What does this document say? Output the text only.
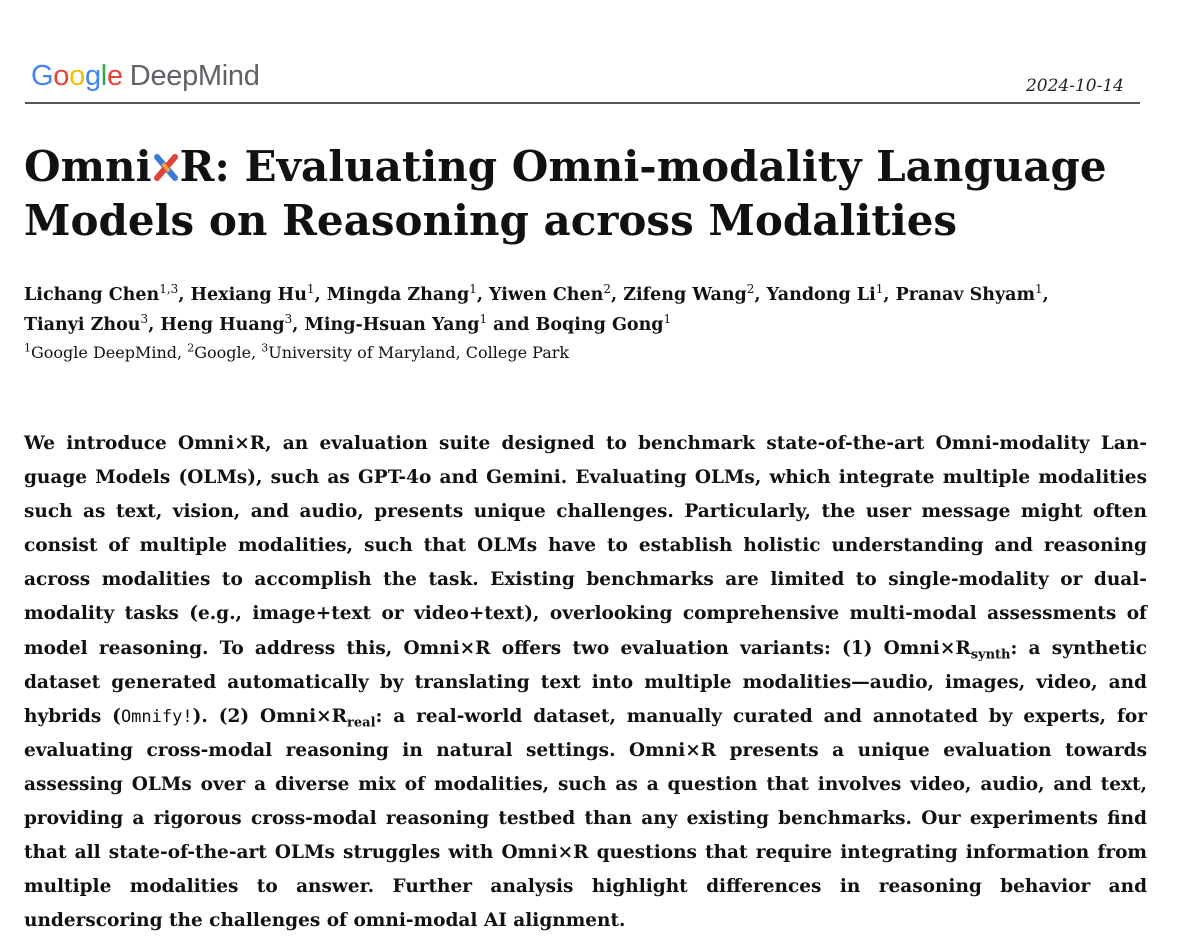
Google DeepMind	2024-10-14
Omni R: Evaluating Omni-modality Language Models on Reasoning across Modalities
Lichang Chen$^{1,3}$, Hexiang Hu$^1$, Mingda Zhang$^1$, Yiwen Chen$^2$, Zifeng Wang$^2$, Yandong Li$^1$, Pranav Shyam$^1$,
Tianyi Zhou$^3$, Heng Huang$^3$, Ming-Hsuan Yang$^1$ and Boqing Gong$^1$
$^1$Google DeepMind, $^2$Google, $^3$University of Maryland, College Park

We introduce Omni×R, an evaluation suite designed to benchmark state-of-the-art Omni-modality Language Models (OLMs), such as GPT-4o and Gemini. Evaluating OLMs, which integrate multiple modalities such as text, vision, and audio, presents unique challenges. Particularly, the user message might often consist of multiple modalities, such that OLMs have to establish holistic understanding and reasoning across modalities to accomplish the task. Existing benchmarks are limited to single-modality or dual-modality tasks (e.g., image+text or video+text), overlooking comprehensive multi-modal assessments of model reasoning. To address this, Omni×R offers two evaluation variants: (1) $Omni\times R_{synth}$: a synthetic dataset generated automatically by translating text into multiple modalities—audio, images, video, and hybrids (Omnify!). (2) $Omni\times R_{real}$: a real-world dataset, manually curated and annotated by experts, for evaluating cross-modal reasoning in natural settings. Omni×R presents a unique evaluation towards assessing OLMs over a diverse mix of modalities, such as a question that involves video, audio, and text, providing a rigorous cross-modal reasoning testbed than any existing benchmarks. Our experiments find that all state-of-the-art OLMs struggles with Omni×R questions that require integrating information from multiple modalities to answer. Further analysis highlight differences in reasoning behavior and underscoring the challenges of omni-modal AI alignment.
